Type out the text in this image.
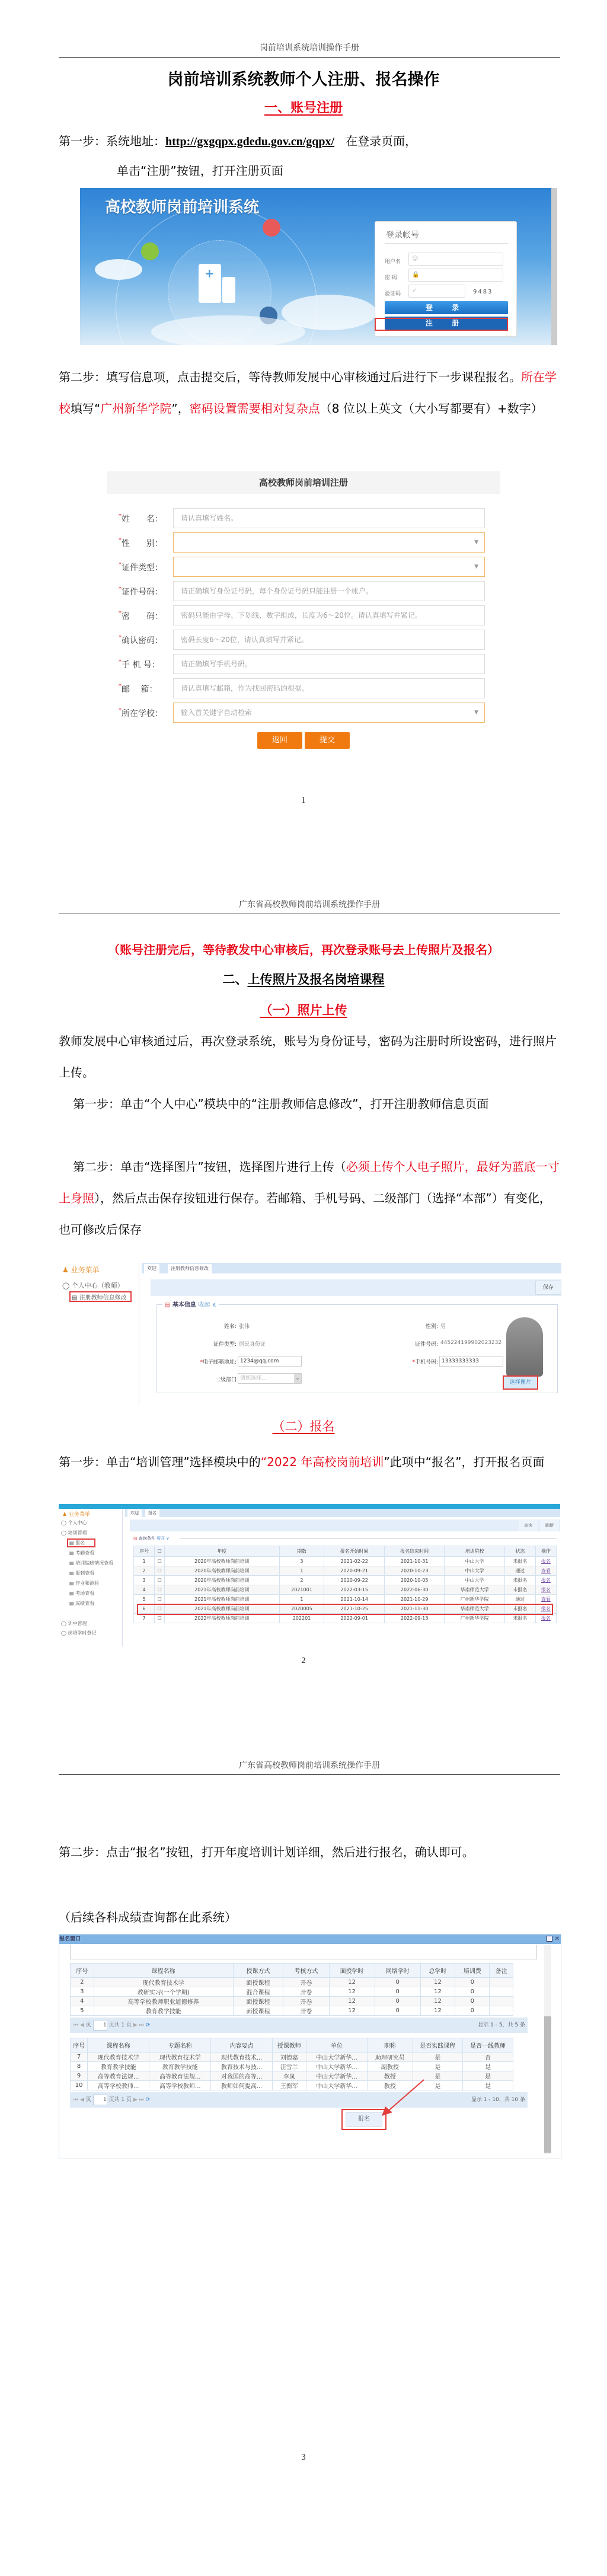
岗前培训系统培训操作手册
岗前培训系统教师个人注册、报名操作
一、账号注册
第一步：系统地址：http://gxgqpx.gdedu.gov.cn/gqpx/ 在登录页面，
单击“注册”按钮，打开注册页面
高校教师岗前培训系统
+
登录帐号
用户名	☺
密 码	🔒
验证码	✓	9483
登 录
注 册
第二步：填写信息项，点击提交后，等待教师发展中心审核通过后进行下一步课程报名。所在学校填写“广州新华学院”，密码设置需要相对复杂点（8 位以上英文（大小写都要有）+数字）
高校教师岗前培训注册
*姓　　名：	请认真填写姓名。
*性　　别：	▼
*证件类型：	▼
*证件号码：	请正确填写身份证号码，每个身份证号码只能注册一个帐户。
*密　　码：	密码只能由字母、下划线、数字组成，长度为6～20位。请认真填写并紧记。
*确认密码：	密码长度6～20位，请认真填写并紧记。
*手 机 号：	请正确填写手机号码。
*邮　 箱：	请认真填写邮箱，作为找回密码的根据。
*所在学校：	输入首关键字自动检索	▼
返回	提交
1
广东省高校教师岗前培训系统操作手册
（账号注册完后，等待教发中心审核后，再次登录账号去上传照片及报名）
二、上传照片及报名岗培课程
（一）照片上传
教师发展中心审核通过后，再次登录系统，账号为身份证号，密码为注册时所设密码，进行照片上传。
第一步：单击“个人中心”模块中的“注册教师信息修改”，打开注册教师信息页面
第二步：单击“选择图片”按钮，选择图片进行上传（必须上传个人电子照片，最好为蓝底一寸上身照），然后点击保存按钮进行保存。若邮箱、手机号码、二级部门（选择“本部”）有变化，也可修改后保存
♟ 业务菜单
◯ 个人中心（教师）
▤ 注册教师信息修改
欢迎	注册教师信息修改
保存
▤ 基本信息 收起 ∧
姓名: 张伟
证件类型: 居民身份证
*电子邮箱地址: 1234@qq.com
二级部门 请您选择...	⌄
性别: 男
证件号码: 445224199902023232
*手机号码: 13333333333
选择图片
（二）报名
第一步：单击“培训管理”选择模块中的“2022 年高校岗前培训”此项中“报名”，打开报名页面
♟ 业务菜单
◯ 个人中心
◯ 培训管理
▤ 报名
▤ 考勤查看
▤ 培训编班情况查看
▤ 报到查看
▤ 作业和测验
▤ 考场查看
▤ 成绩查看
◯ 训中管理
◯ 岗培学时登记
欢迎	报名
查询	刷新
▤ 查询条件 展开 ∨
序号	☐	年度	期数	报名开始时间	报名结束时间	培训院校	状态	操作
1	☐	2020年高校教师岗前培训	3	2021-02-22	2021-10-31	中山大学	未报名	报名
2	☐	2020年高校教师岗前培训	1	2020-09-21	2020-10-23	中山大学	通过	查看
3	☐	2020年高校教师岗前培训	2	2020-09-22	2020-10-05	中山大学	未报名	报名
4	☐	2021年高校教师岗前培训	2021001	2022-03-15	2022-06-30	华南师范大学	未报名	报名
5	☐	2021年高校教师岗前培训	1	2021-10-14	2021-10-29	广州新华学院	通过	查看
6	☐	2021年高校教师岗前培训	2020005	2021-10-25	2021-11-30	华南师范大学	未报名	报名
7	☐	2022年高校教师岗前培训	202201	2022-09-01	2022-09-13	广州新华学院	未报名	报名
2
广东省高校教师岗前培训系统操作手册
第二步：点击“报名”按钮，打开年度培训计划详细，然后进行报名，确认即可。
（后续各科成绩查询都在此系统）
报名窗口	✕
序号	课程名称	授课方式	考核方式	面授学时	网络学时	总学时	培训费	备注
2	现代教育技术学	面授课程	开卷	12	0	12	0	
3	教研实习(一个学期)	混合课程	开卷	12	0	12	0	
4	高等学校教师职业道德修养	面授课程	开卷	12	0	12	0	
5	教育教学技能	面授课程	开卷	12	0	12	0	
⏮ ◀ 页 1 页共 1 页 ▶ ⏭ ⟳	显示 1 - 5，共 5 条
序号	课程名称	专题名称	内容要点	授课教师	单位	职称	是否实践课程	是否一线教师
7	现代教育技术学	现代教育技术学	现代教育技术...	刘德嘉	中山大学新华...	助理研究员	是	否
8	教育教学技能	教育教学技能	教育技术与技...	汪雪兰	中山大学新华...	副教授	是	是
9	高等教育法规...	高等教育法规...	对我国的高等...	李岚	中山大学新华...	教授	是	是
10	高等学校教师...	高等学校教师...	教师如何提高...	王衡军	中山大学新华...	教授	是	是
⏮ ◀ 页 1 页共 1 页 ▶ ⏭ ⟳	显示 1 - 10，共 10 条
报名
3
